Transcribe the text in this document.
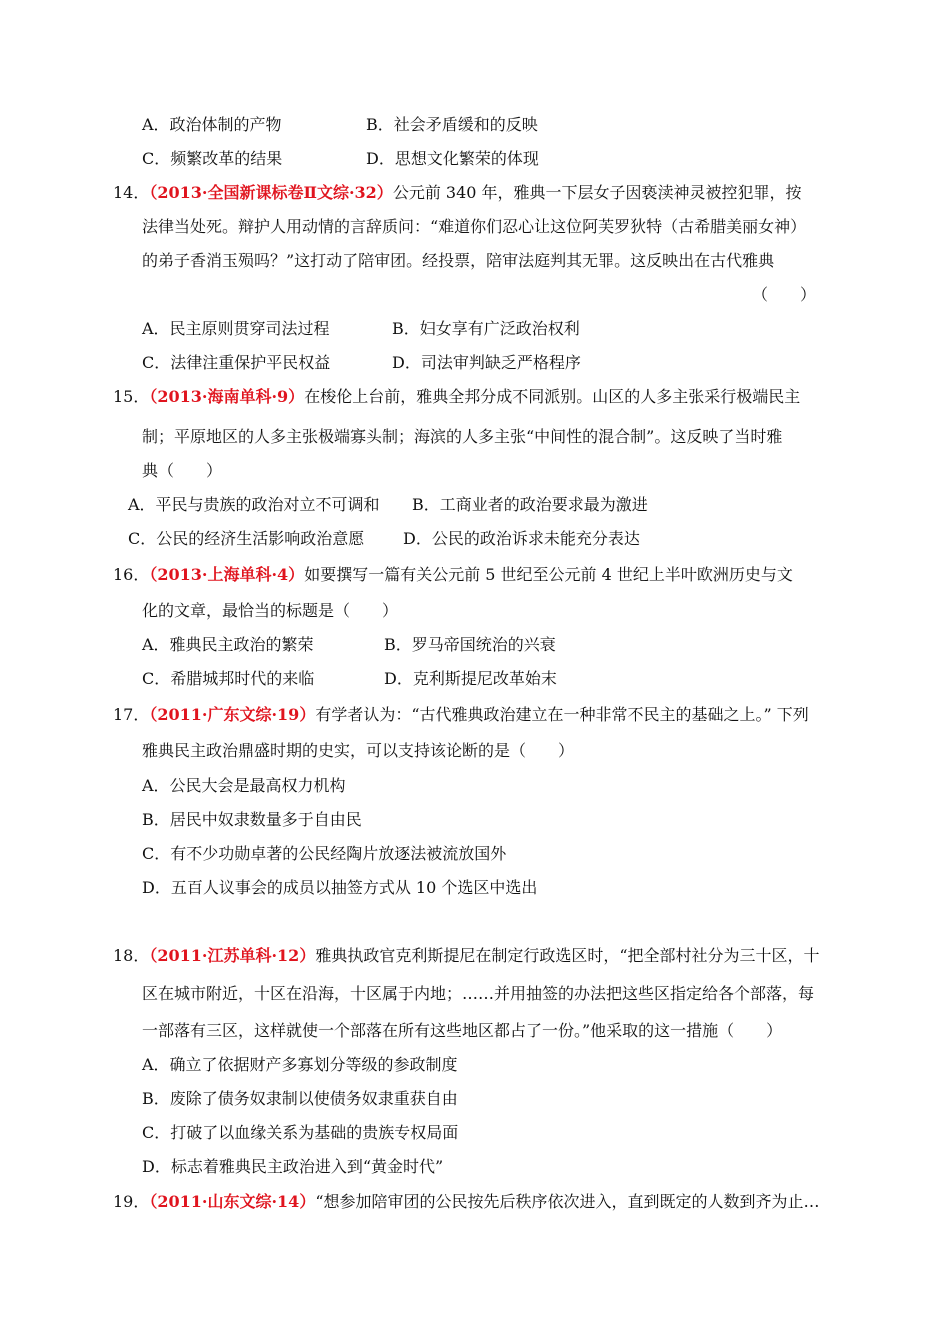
A．政治体制的产物	B．社会矛盾缓和的反映
C．频繁改革的结果	D．思想文化繁荣的体现
14．（2013·全国新课标卷Ⅱ文综·32）公元前 340 年，雅典一下层女子因亵渎神灵被控犯罪，按
法律当处死。辩护人用动情的言辞质问：“难道你们忍心让这位阿芙罗狄特（古希腊美丽女神）
的弟子香消玉殒吗？”这打动了陪审团。经投票，陪审法庭判其无罪。这反映出在古代雅典
（　　）
A．民主原则贯穿司法过程	B．妇女享有广泛政治权利
C．法律注重保护平民权益	D．司法审判缺乏严格程序
15．（2013·海南单科·9）在梭伦上台前，雅典全邦分成不同派别。山区的人多主张采行极端民主
制；平原地区的人多主张极端寡头制；海滨的人多主张“中间性的混合制”。这反映了当时雅
典（　　）
A．平民与贵族的政治对立不可调和 B．工商业者的政治要求最为激进
C．公民的经济生活影响政治意愿 D．公民的政治诉求未能充分表达
16．（2013·上海单科·4）如要撰写一篇有关公元前 5 世纪至公元前 4 世纪上半叶欧洲历史与文
化的文章，最恰当的标题是（　　）
A．雅典民主政治的繁荣	B．罗马帝国统治的兴衰
C．希腊城邦时代的来临	D．克利斯提尼改革始末
17．（2011·广东文综·19）有学者认为：“古代雅典政治建立在一种非常不民主的基础之上。” 下列
雅典民主政治鼎盛时期的史实，可以支持该论断的是（　　）
A．公民大会是最高权力机构
B．居民中奴隶数量多于自由民
C．有不少功勋卓著的公民经陶片放逐法被流放国外
D．五百人议事会的成员以抽签方式从 10 个选区中选出
18．（2011·江苏单科·12）雅典执政官克利斯提尼在制定行政选区时，“把全部村社分为三十区，十
区在城市附近，十区在沿海，十区属于内地；……并用抽签的办法把这些区指定给各个部落，每
一部落有三区，这样就使一个部落在所有这些地区都占了一份。”他采取的这一措施（　　）
A．确立了依据财产多寡划分等级的参政制度
B．废除了债务奴隶制以使债务奴隶重获自由
C．打破了以血缘关系为基础的贵族专权局面
D．标志着雅典民主政治进入到“黄金时代”
19．（2011·山东文综·14）“想参加陪审团的公民按先后秩序依次进入，直到既定的人数到齐为止…
